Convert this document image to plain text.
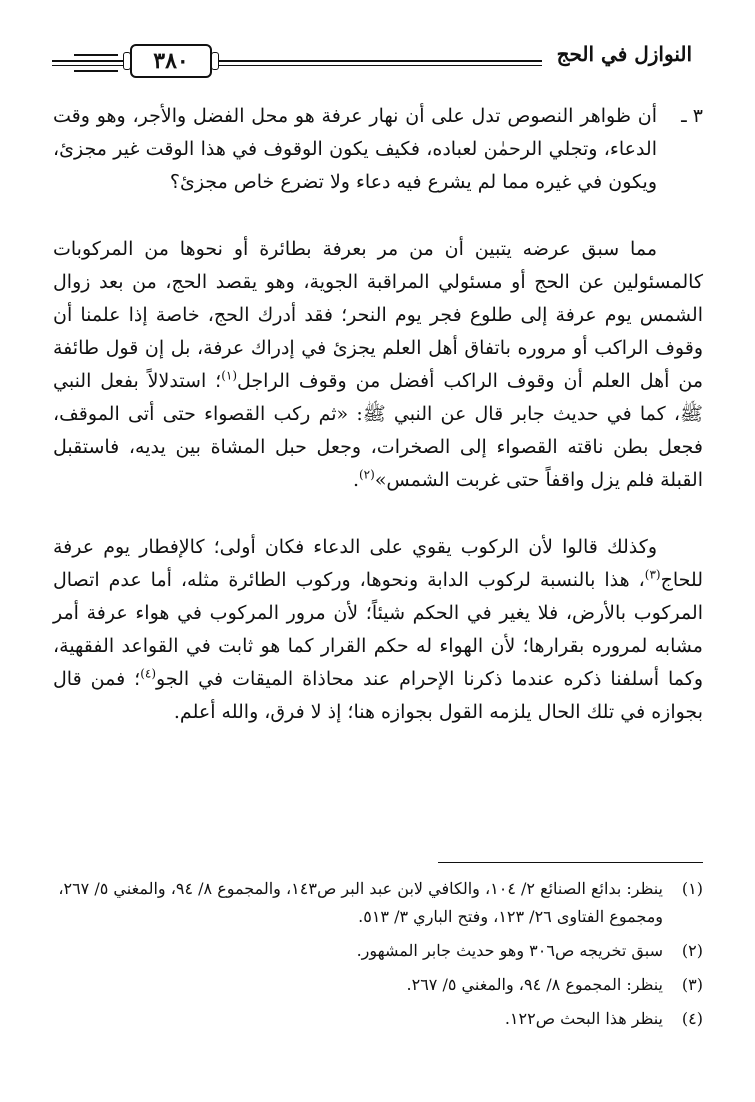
٣٨٠	النوازل في الحج

٣ ـ
أن ظواهر النصوص تدل على أن نهار عرفة هو محل الفضل والأجر، وهو وقت الدعاء، وتجلي الرحمٰن لعباده، فكيف يكون الوقوف في هذا الوقت غير مجزئ، ويكون في غيره مما لم يشرع فيه دعاء ولا تضرع خاص مجزئ؟

مما سبق عرضه يتبين أن من مر بعرفة بطائرة أو نحوها من المركوبات كالمسئولين عن الحج أو مسئولي المراقبة الجوية، وهو يقصد الحج، من بعد زوال الشمس يوم عرفة إلى طلوع فجر يوم النحر؛ فقد أدرك الحج، خاصة إذا علمنا أن وقوف الراكب أو مروره باتفاق أهل العلم يجزئ في إدراك عرفة، بل إن قول طائفة من أهل العلم أن وقوف الراكب أفضل من وقوف الراجل$^{(١)}$؛ استدلالاً بفعل النبي ﷺ، كما في حديث جابر قال عن النبي ﷺ: «ثم ركب القصواء حتى أتى الموقف، فجعل بطن ناقته القصواء إلى الصخرات، وجعل حبل المشاة بين يديه، فاستقبل القبلة فلم يزل واقفاً حتى غربت الشمس»$^{(٢)}$.

وكذلك قالوا لأن الركوب يقوي على الدعاء فكان أولى؛ كالإفطار يوم عرفة للحاج$^{(٣)}$، هذا بالنسبة لركوب الدابة ونحوها، وركوب الطائرة مثله، أما عدم اتصال المركوب بالأرض، فلا يغير في الحكم شيئاً؛ لأن مرور المركوب في هواء عرفة أمر مشابه لمروره بقرارها؛ لأن الهواء له حكم القرار كما هو ثابت في القواعد الفقهية، وكما أسلفنا ذكره عندما ذكرنا الإحرام عند محاذاة الميقات في الجو$^{(٤)}$؛ فمن قال بجوازه في تلك الحال يلزمه القول بجوازه هنا؛ إذ لا فرق، والله أعلم.

(١)
ينظر: بدائع الصنائع ٢/ ١٠٤، والكافي لابن عبد البر ص١٤٣، والمجموع ٨/ ٩٤، والمغني ٥/ ٢٦٧، ومجموع الفتاوى ٢٦/ ١٢٣، وفتح الباري ٣/ ٥١٣.
(٢)
سبق تخريجه ص٣٠٦ وهو حديث جابر المشهور.
(٣)
ينظر: المجموع ٨/ ٩٤، والمغني ٥/ ٢٦٧.
(٤)
ينظر هذا البحث ص١٢٢.
